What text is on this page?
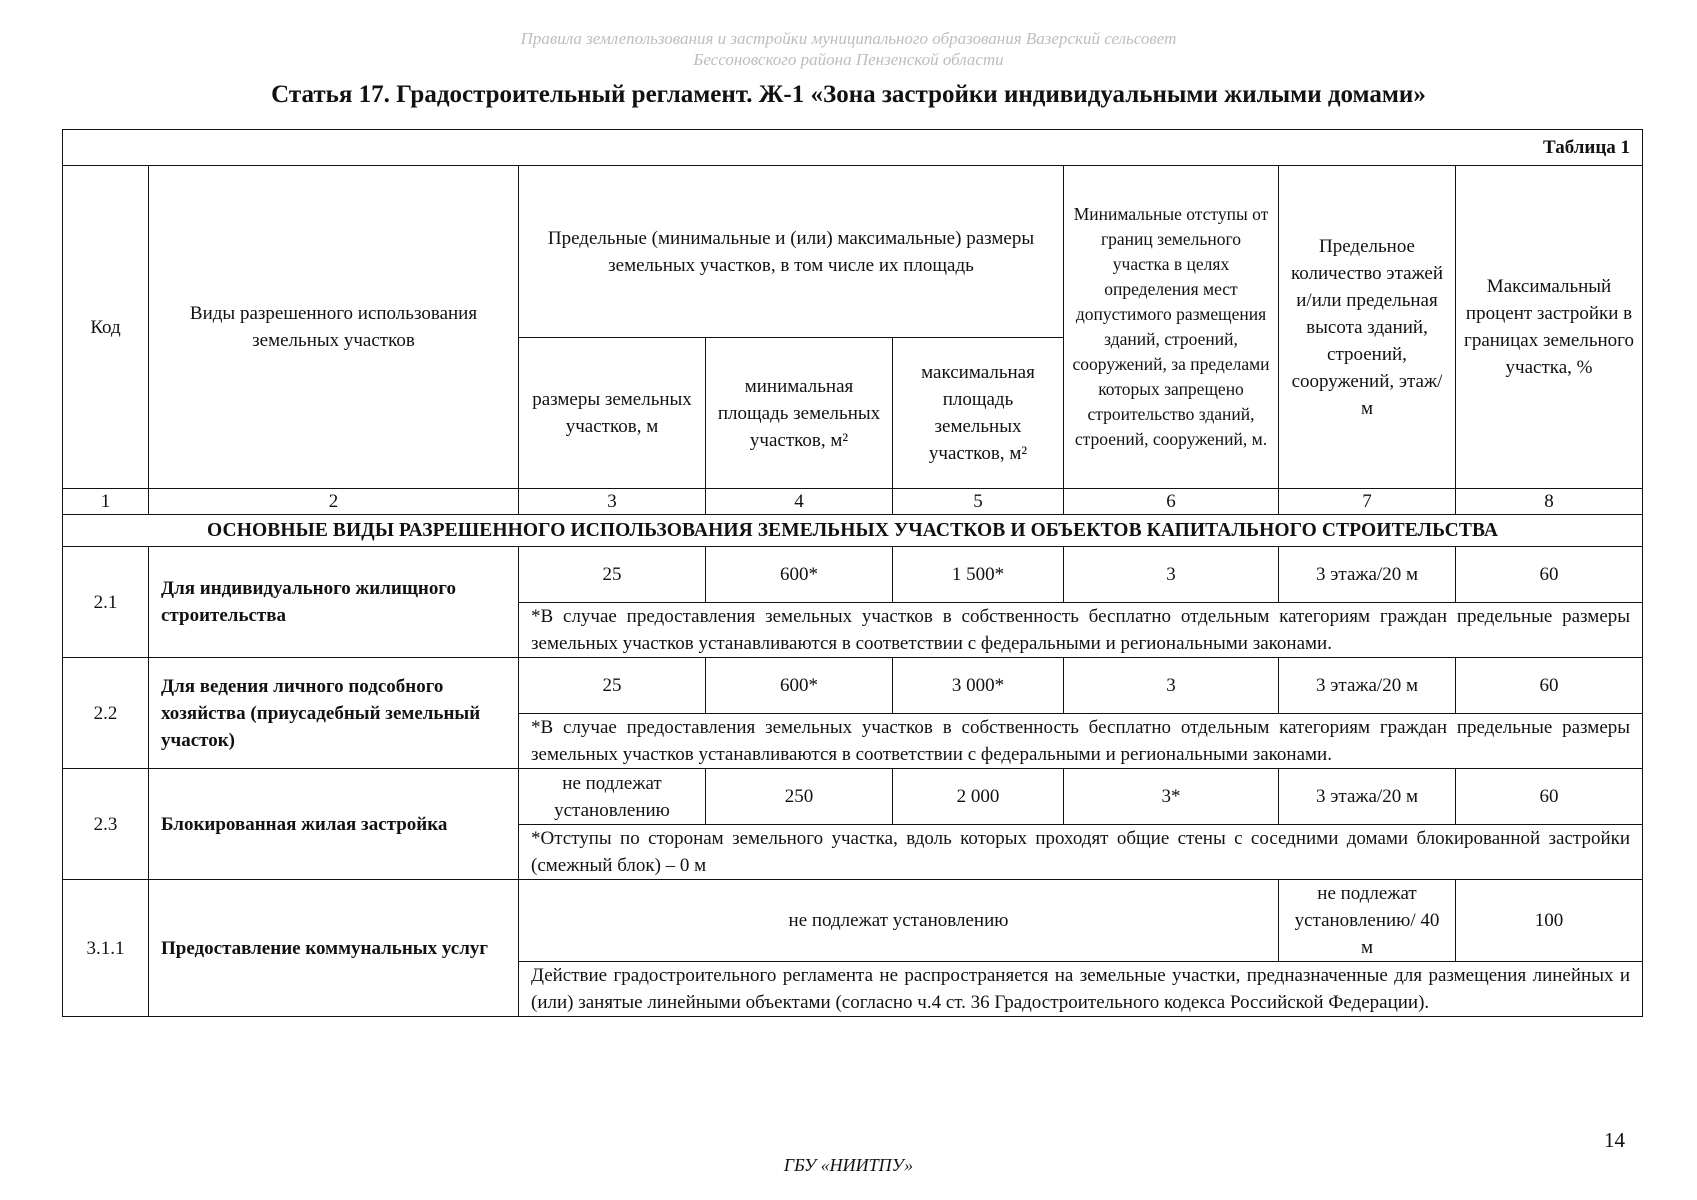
Правила землепользования и застройки муниципального образования Вазерский сельсовет
Бессоновского района Пензенской области
Статья 17. Градостроительный регламент. Ж-1 «Зона застройки индивидуальными жилыми домами»
Таблица 1							
Код	Виды разрешенного использования земельных участков	Предельные (минимальные и (или) максимальные) размеры земельных участков, в том числе их площадь			Минимальные отступы от границ земельного участка в целях определения мест допустимого размещения зданий, строений, сооружений, за пределами которых запрещено строительство зданий, строений, сооружений, м.	Предельное количество этажей и/или предельная высота зданий, строений, сооружений, этаж/м	Максимальный процент застройки в границах земельного участка, %
		размеры земельных участков, м	минимальная площадь земельных участков, м²	максимальная площадь земельных участков, м²			
1	2	3	4	5	6	7	8
ОСНОВНЫЕ ВИДЫ РАЗРЕШЕННОГО ИСПОЛЬЗОВАНИЯ ЗЕМЕЛЬНЫХ УЧАСТКОВ И ОБЪЕКТОВ КАПИТАЛЬНОГО СТРОИТЕЛЬСТВА							
2.1	Для индивидуального жилищного строительства	25	600*	1 500*	3	3 этажа/20 м	60
		*В случае предоставления земельных участков в собственность бесплатно отдельным категориям граждан предельные размеры земельных участков устанавливаются в соответствии с федеральными и региональными законами.					
2.2	Для ведения личного подсобного хозяйства (приусадебный земельный участок)	25	600*	3 000*	3	3 этажа/20 м	60
		*В случае предоставления земельных участков в собственность бесплатно отдельным категориям граждан предельные размеры земельных участков устанавливаются в соответствии с федеральными и региональными законами.					
2.3	Блокированная жилая застройка	не подлежат установлению	250	2 000	3*	3 этажа/20 м	60
		*Отступы по сторонам земельного участка, вдоль которых проходят общие стены с соседними домами блокированной застройки (смежный блок) – 0 м					
3.1.1	Предоставление коммунальных услуг	не подлежат установлению				не подлежат установлению/ 40 м	100
		Действие градостроительного регламента не распространяется на земельные участки, предназначенные для размещения линейных и (или) занятые линейными объектами (согласно ч.4 ст. 36 Градостроительного кодекса Российской Федерации).					
14
ГБУ «НИИТПУ»
